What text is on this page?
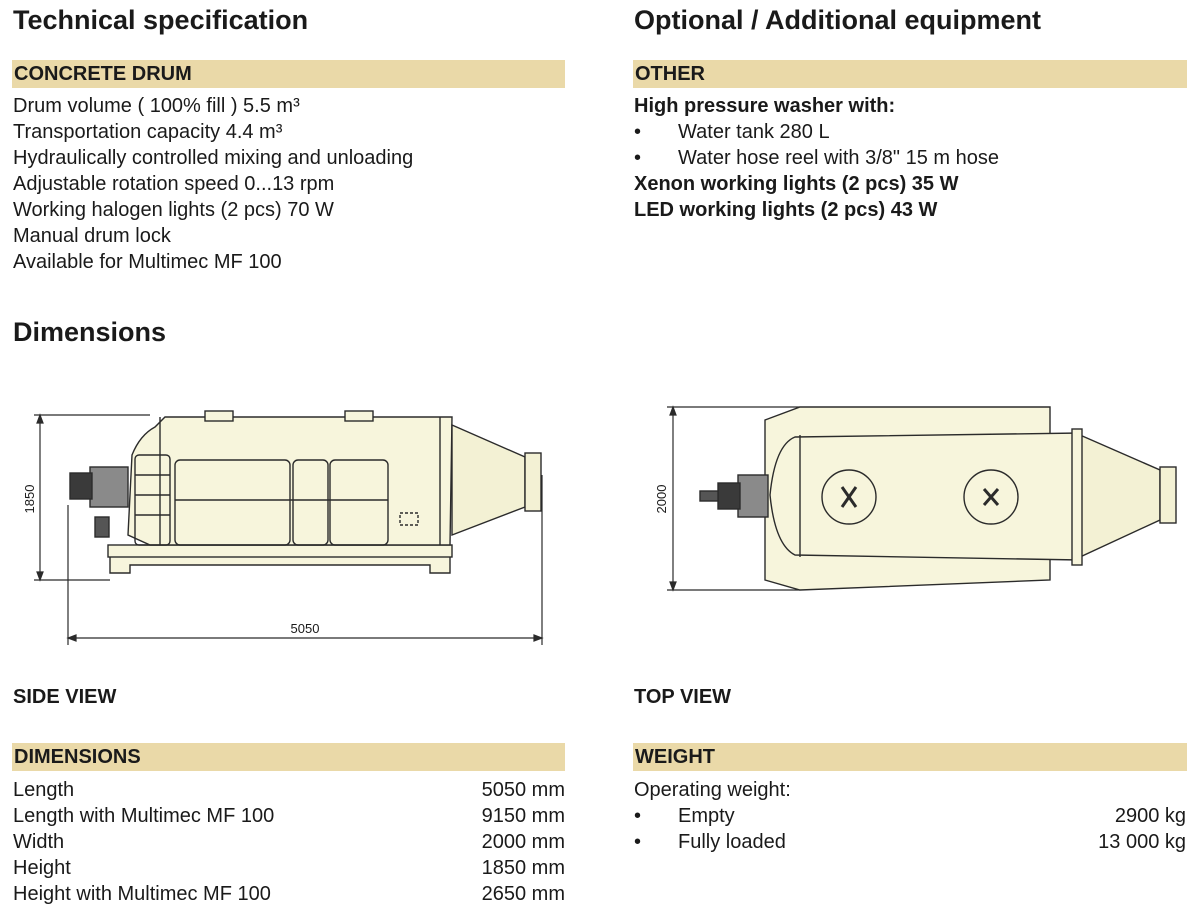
Technical specification
CONCRETE DRUM
Drum volume ( 100% fill ) 5.5 m³
Transportation capacity 4.4 m³
Hydraulically controlled mixing and unloading
Adjustable rotation speed 0...13 rpm
Working halogen lights (2 pcs) 70 W
Manual drum lock
Available for Multimec MF 100
Optional / Additional equipment
OTHER
High pressure washer with:
• Water tank 280 L
• Water hose reel with 3/8" 15 m hose
Xenon working lights (2 pcs) 35 W
LED working lights (2 pcs) 43 W
Dimensions
1850
5050
2000
SIDE VIEW	TOP VIEW
DIMENSIONS
Length	5050 mm
Length with Multimec MF 100	9150 mm
Width	2000 mm
Height	1850 mm
Height with Multimec MF 100	2650 mm
WEIGHT
Operating weight:
• Empty	2900 kg
• Fully loaded	13 000 kg
